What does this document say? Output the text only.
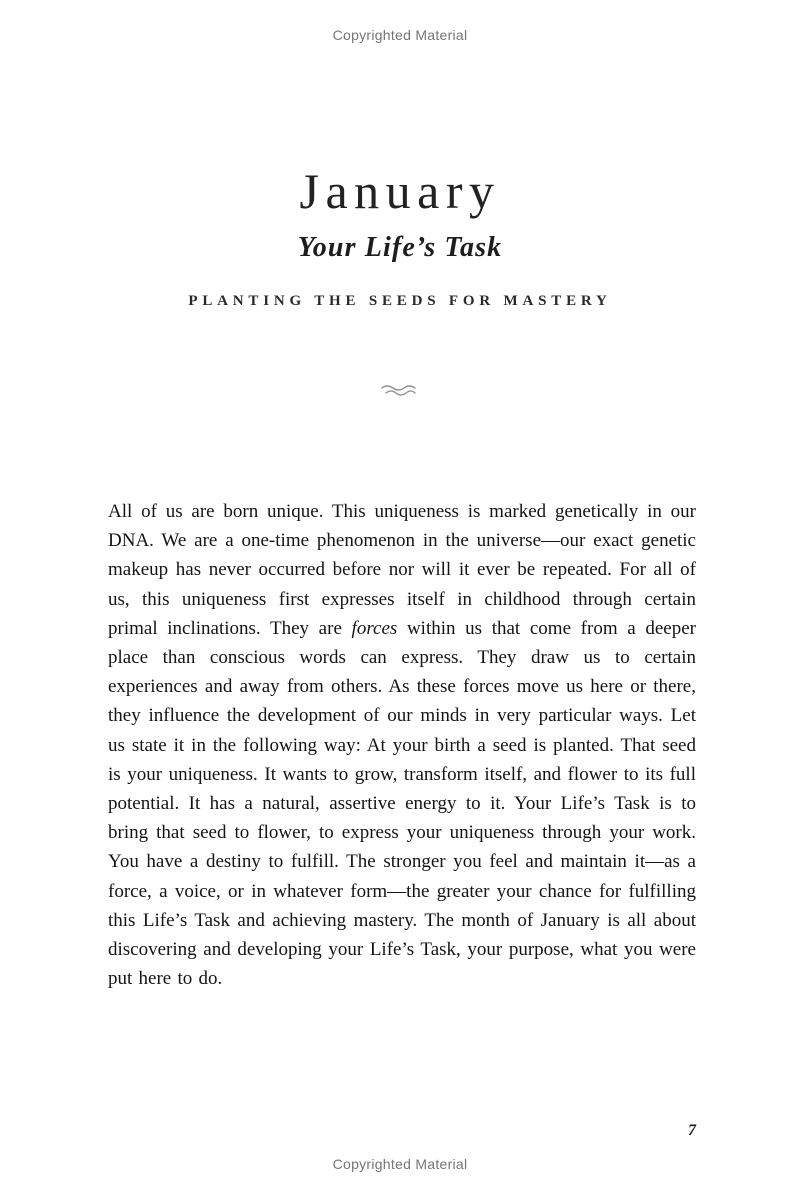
Copyrighted Material
January
Your Life’s Task
PLANTING THE SEEDS FOR MASTERY

All of us are born unique. This uniqueness is marked genetically in our DNA. We are a one-time phenomenon in the universe—our exact genetic makeup has never occurred before nor will it ever be repeated. For all of us, this uniqueness first expresses itself in childhood through certain primal inclinations. They are forces within us that come from a deeper place than conscious words can express. They draw us to certain experiences and away from others. As these forces move us here or there, they influence the development of our minds in very particular ways. Let us state it in the following way: At your birth a seed is planted. That seed is your uniqueness. It wants to grow, transform itself, and flower to its full potential. It has a natural, assertive energy to it. Your Life’s Task is to bring that seed to flower, to express your uniqueness through your work. You have a destiny to fulfill. The stronger you feel and maintain it—as a force, a voice, or in whatever form—the greater your chance for fulfilling this Life’s Task and achieving mastery. The month of January is all about discovering and developing your Life’s Task, your purpose, what you were put here to do.

7
Copyrighted Material
